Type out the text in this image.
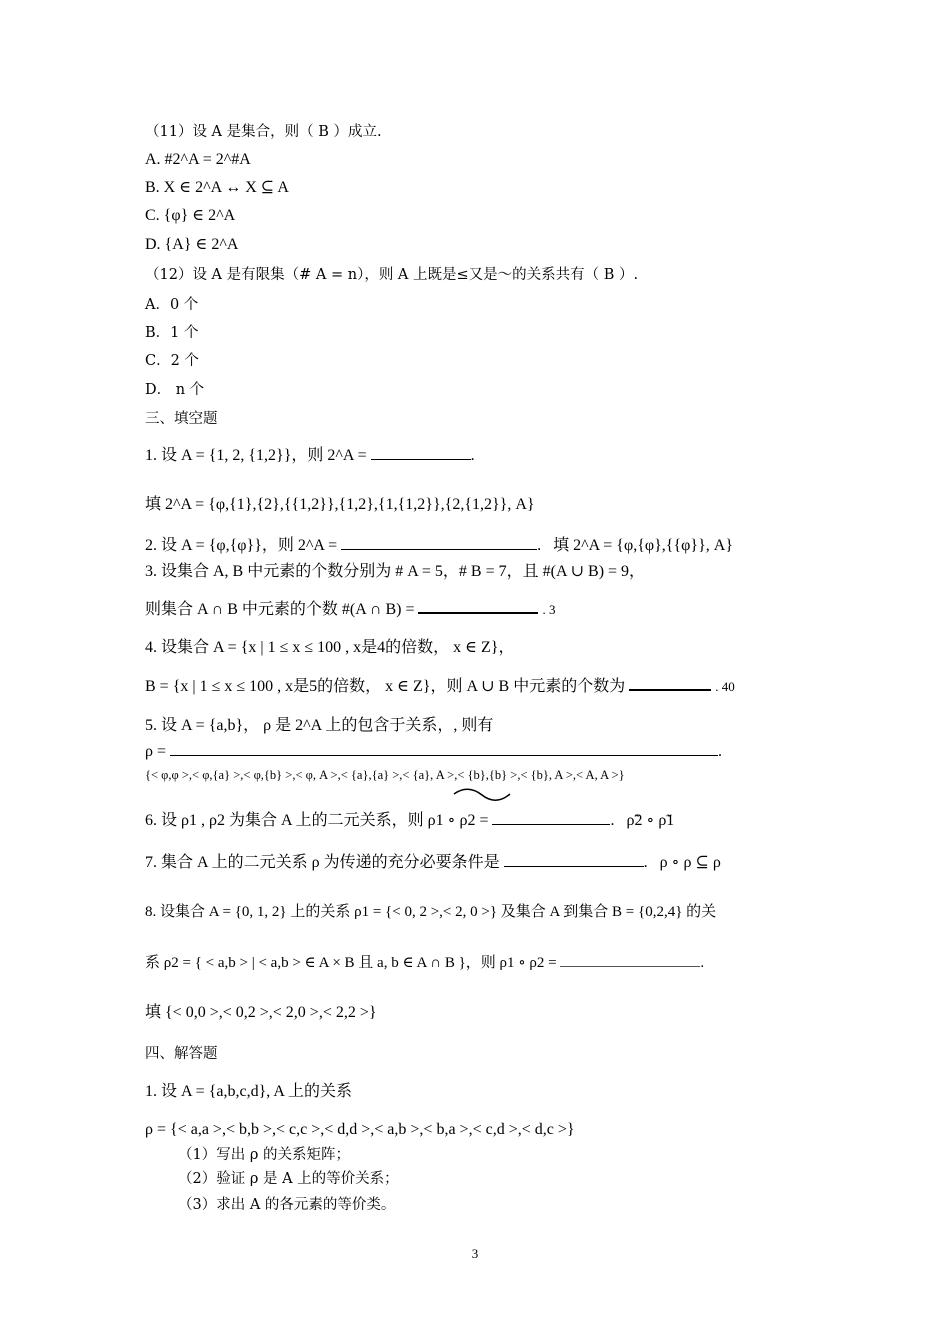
（11）设 A 是集合，则（ B ）成立.
A. #2^A = 2^#A
B. X ∈ 2^A ↔ X ⊆ A
C. {φ} ∈ 2^A
D. {A} ∈ 2^A
（12）设 A 是有限集（# A = n），则 A 上既是≤又是～的关系共有（ B ）.
A．0 个
B．1 个
C．2 个
D． n 个
三、填空题
1. 设 A = {1, 2, {1,2}}，则 2^A =	.
填 2^A = {φ,{1},{2},{{1,2}},{1,2},{1,{1,2}},{2,{1,2}}, A}
2. 设 A = {φ,{φ}}，则 2^A =	.   填 2^A = {φ,{φ},{{φ}}, A}
3. 设集合 A, B 中元素的个数分别为 # A = 5，# B = 7，且 #(A ∪ B) = 9，
则集合 A ∩ B 中元素的个数 #(A ∩ B) =	. 3
4. 设集合 A = {x | 1 ≤ x ≤ 100 , x是4的倍数， x ∈ Z}，
B = {x | 1 ≤ x ≤ 100 , x是5的倍数， x ∈ Z}，则 A ∪ B 中元素的个数为	. 40
5. 设 A = {a,b}， ρ 是 2^A 上的包含于关系，, 则有
ρ =	.
{< φ,φ >,< φ,{a} >,< φ,{b} >,< φ, A >,< {a},{a} >,< {a}, A >,< {b},{b} >,< {b}, A >,< A, A >}
6. 设 ρ1 , ρ2 为集合 A 上的二元关系，则 ρ1 ∘ ρ2 =	.   ρ̃2 ∘ ρ̃1
7. 集合 A 上的二元关系 ρ 为传递的充分必要条件是	.   ρ ∘ ρ ⊆ ρ
8. 设集合 A = {0, 1, 2} 上的关系 ρ1 = {< 0, 2 >,< 2, 0 >} 及集合 A 到集合 B = {0,2,4} 的关
系 ρ2 = { < a,b > | < a,b > ∈ A × B 且 a, b ∈ A ∩ B }，则 ρ1 ∘ ρ2 =	.
填 {< 0,0 >,< 0,2 >,< 2,0 >,< 2,2 >}
四、解答题
1. 设 A = {a,b,c,d}, A 上的关系
ρ = {< a,a >,< b,b >,< c,c >,< d,d >,< a,b >,< b,a >,< c,d >,< d,c >}
（1）写出 ρ 的关系矩阵；
（2）验证 ρ 是 A 上的等价关系；
（3）求出 A 的各元素的等价类。
3
